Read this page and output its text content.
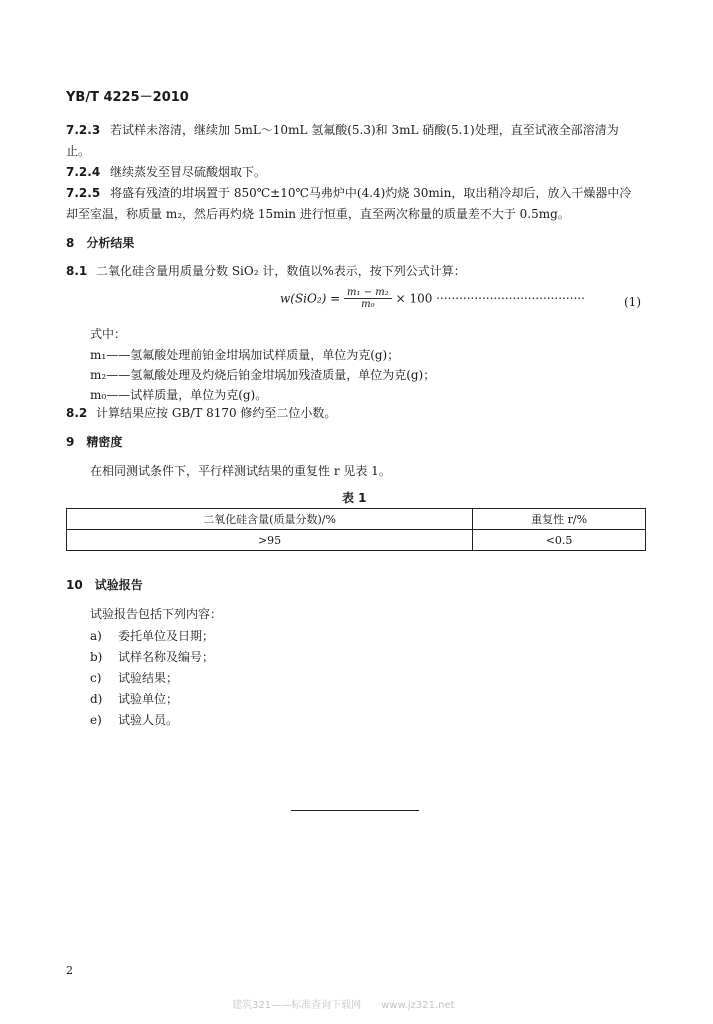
YB/T 4225－2010
7.2.3 若试样未溶清，继续加 5mL～10mL 氢氟酸(5.3)和 3mL 硝酸(5.1)处理，直至试液全部溶清为
止。
7.2.4 继续蒸发至冒尽硫酸烟取下。
7.2.5 将盛有残渣的坩埚置于 850℃±10℃马弗炉中(4.4)灼烧 30min，取出稍冷却后，放入干燥器中冷
却至室温，称质量 m₂，然后再灼烧 15min 进行恒重，直至两次称量的质量差不大于 0.5mg。
8　分析结果
8.1 二氧化硅含量用质量分数 SiO₂ 计，数值以%表示，按下列公式计算：
$w(SiO_2) = \frac{\text{m₁ − m₂}}{\text{m₀}} \times 100$ ·······································	(1)
式中：
m₁——氢氟酸处理前铂金坩埚加试样质量，单位为克(g)；
m₂——氢氟酸处理及灼烧后铂金坩埚加残渣质量，单位为克(g)；
m₀——试样质量，单位为克(g)。
8.2 计算结果应按 GB/T 8170 修约至二位小数。
9　精密度
在相同测试条件下，平行样测试结果的重复性 r 见表 1。
表 1
二氧化硅含量(质量分数)/%	重复性 r/%
>95	<0.5
10　试验报告
试验报告包括下列内容：
a) 委托单位及日期；
b) 试样名称及编号；
c) 试验结果；
d) 试验单位；
e) 试验人员。
2
建筑321——标准查询下载网　　www.jz321.net
